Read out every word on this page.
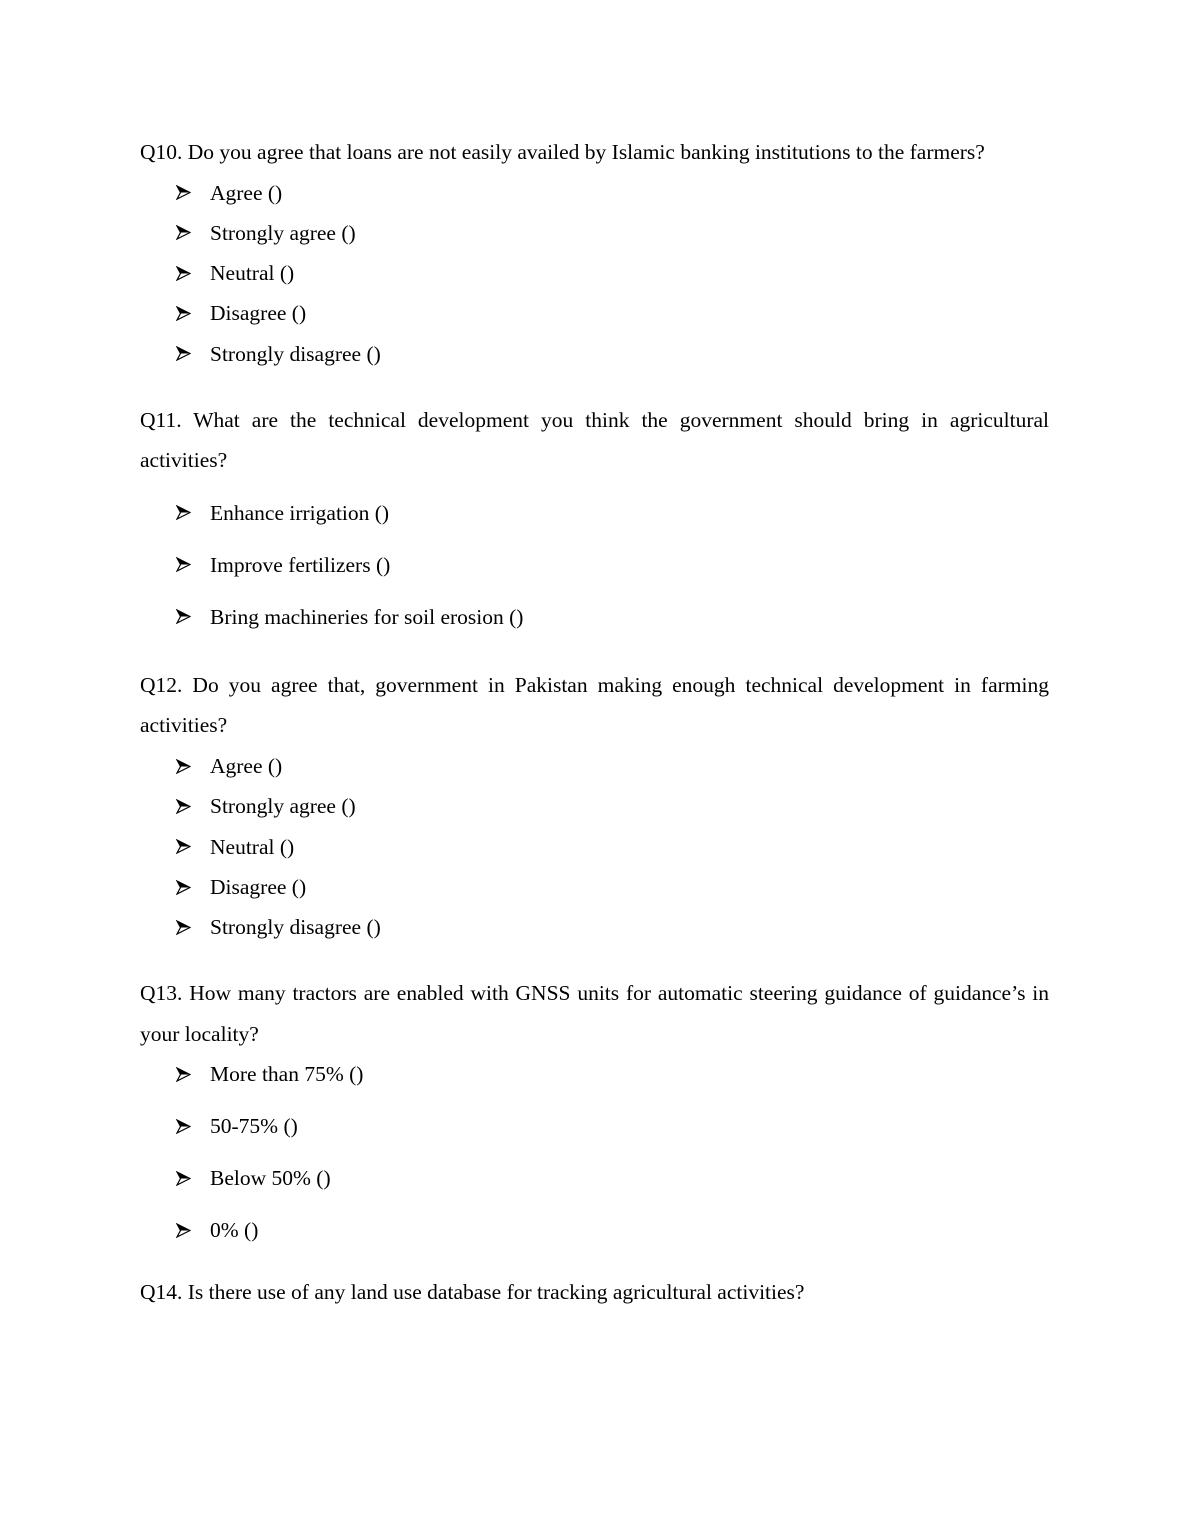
Q10. Do you agree that loans are not easily availed by Islamic banking institutions to the farmers?

Agree ()
Strongly agree ()
Neutral ()
Disagree ()
Strongly disagree ()

Q11. What are the technical development you think the government should bring in agricultural activities?

Enhance irrigation ()
Improve fertilizers ()
Bring machineries for soil erosion ()

Q12. Do you agree that, government in Pakistan making enough technical development in farming activities?

Agree ()
Strongly agree ()
Neutral ()
Disagree ()
Strongly disagree ()

Q13. How many tractors are enabled with GNSS units for automatic steering guidance of guidance’s in your locality?

More than 75% ()
50-75% ()
Below 50% ()
0% ()

Q14. Is there use of any land use database for tracking agricultural activities?
